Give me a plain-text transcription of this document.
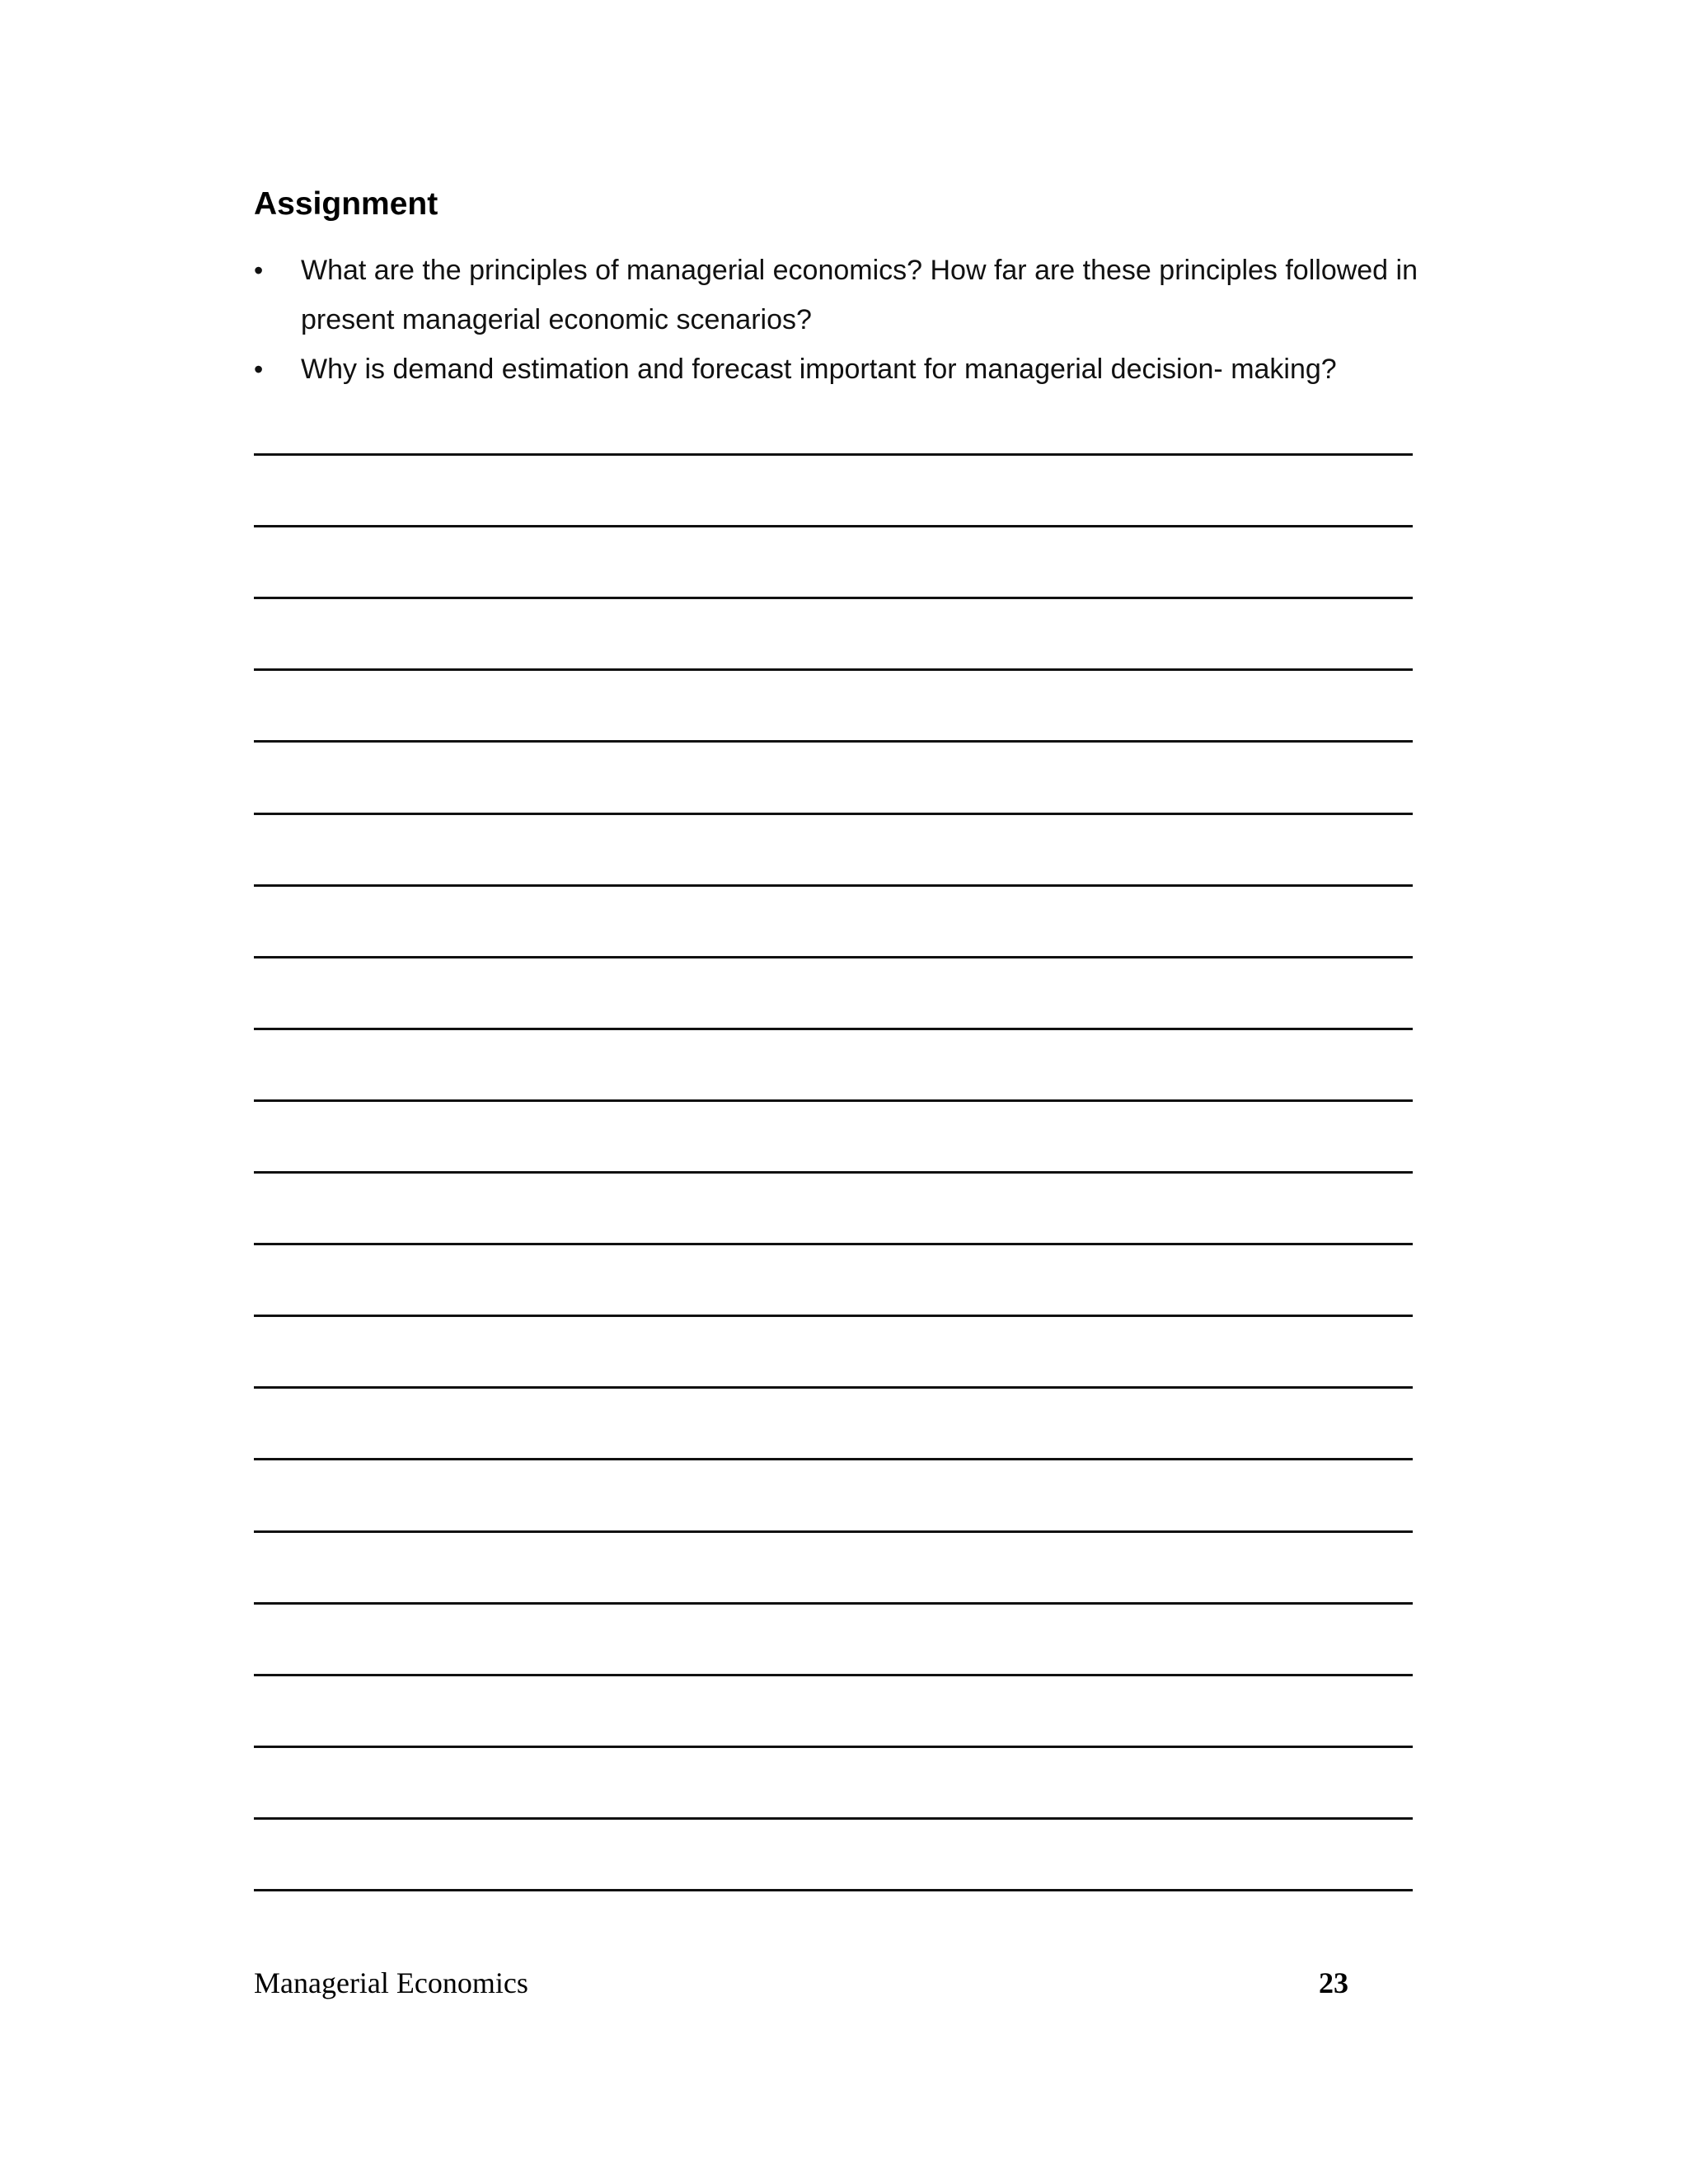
Assignment
• What are the principles of managerial economics? How far are these principles followed in present managerial economic scenarios?
• Why is demand estimation and forecast important for managerial decision- making?
Managerial Economics	23
